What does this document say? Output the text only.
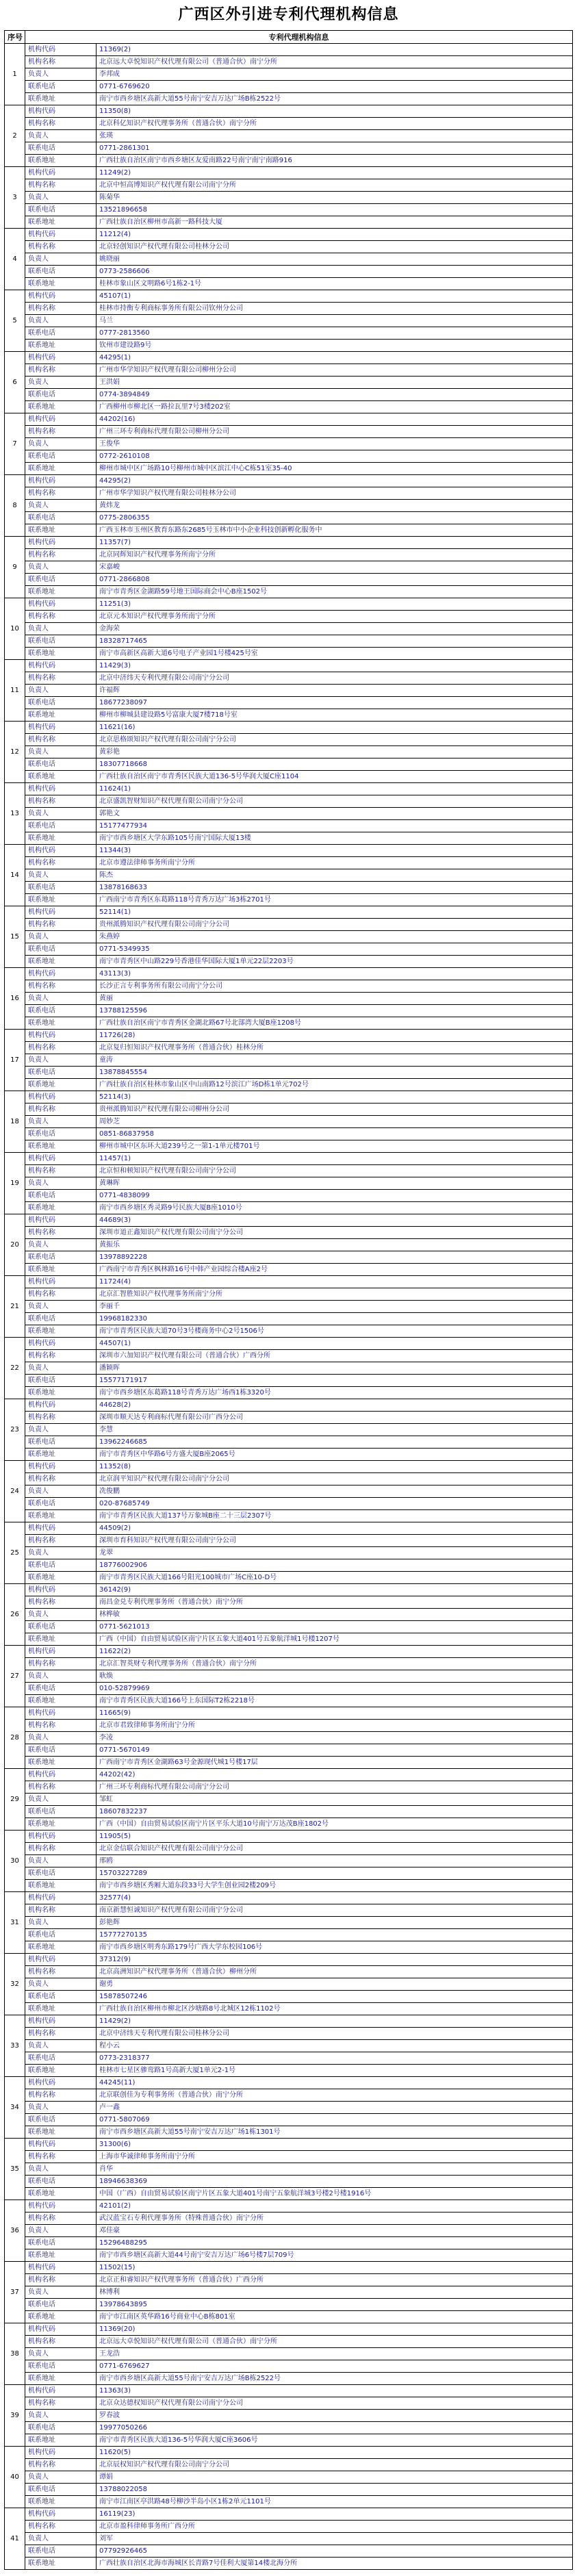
广西区外引进专利代理机构信息
序号	专利代理机构信息	
1	机构代码	11369(2)
	机构名称	北京远大卓悦知识产权代理有限公司（普通合伙）南宁分所
	负责人	李邦成
	联系电话	0771-6769620
	联系地址	南宁市西乡塘区高新大道55号南宁安吉万达广场B栋2522号
2	机构代码	11350(8)
	机构名称	北京科亿知识产权代理事务所（普通合伙）南宁分所
	负责人	张瑛
	联系电话	0771-2861301
	联系地址	广西壮族自治区南宁市西乡塘区友爱南路22号南宁南宁南路916
3	机构代码	11249(2)
	机构名称	北京中恒高博知识产权代理有限公司南宁分所
	负责人	陈菊华
	联系电话	13521896658
	联系地址	广西壮族自治区柳州市高新一路科技大厦
4	机构代码	11212(4)
	机构名称	北京轻创知识产权代理有限公司桂林分公司
	负责人	姚晓丽
	联系电话	0773-2586606
	联系地址	桂林市象山区文明路6号1栋2-1号
5	机构代码	45107(1)
	机构名称	桂林市持衡专利商标事务所有限公司钦州分公司
	负责人	马兰
	联系电话	0777-2813560
	联系地址	钦州市建设路9号
6	机构代码	44295(1)
	机构名称	广州市华学知识产权代理有限公司柳州分公司
	负责人	王洪娟
	联系电话	0774-3894849
	联系地址	广西柳州市柳北区一路拉瓦里7号3楼202室
7	机构代码	44202(16)
	机构名称	广州三环专利商标代理有限公司柳州分公司
	负责人	王俊华
	联系电话	0772-2610108
	联系地址	柳州市城中区广场路10号柳州市城中区滨江中心C栋51室35-40
8	机构代码	44295(2)
	机构名称	广州市华学知识产权代理有限公司桂林分公司
	负责人	黄炜龙
	联系电话	0775-2806355
	联系地址	广西玉林市玉州区教育东路东2685号玉林市中小企业科技创新孵化服务中
9	机构代码	11357(7)
	机构名称	北京同辉知识产权代理事务所南宁分所
	负责人	宋嘉峻
	联系电话	0771-2866808
	联系地址	南宁市青秀区金湖路59号地王国际商会中心B座1502号
10	机构代码	11251(3)
	机构名称	北京元本知识产权代理事务所南宁分所
	负责人	金海荣
	联系电话	18328717465
	联系地址	南宁市高新区高新大道6号电子产业园1号楼425号室
11	机构代码	11429(3)
	机构名称	北京中济纬天专利代理有限公司南宁分公司
	负责人	许福辉
	联系电话	18677238097
	联系地址	柳州市柳城县建设路5号富康大厦7楼718号室
12	机构代码	11621(16)
	机构名称	北京思格颂知识产权代理有限公司南宁分公司
	负责人	黄彩艳
	联系电话	18307718668
	联系地址	广西壮族自治区南宁市青秀区民族大道136-5号华润大厦C座1104
13	机构代码	11624(1)
	机构名称	北京盛凯智财知识产权代理有限公司南宁分公司
	负责人	郭艳文
	联系电话	15177477934
	联系地址	南宁市西乡塘区大学东路105号南宁国际大厦13楼
14	机构代码	11344(3)
	机构名称	北京市遵法律师事务所南宁分所
	负责人	陈杰
	联系电话	13878168633
	联系地址	广西南宁市青秀区东葛路118号青秀万达广场3栋2701号
15	机构代码	52114(1)
	机构名称	贵州派腾知识产权代理有限公司南宁分公司
	负责人	朱燕婷
	联系电话	0771-5349935
	联系地址	南宁市青秀区中山路229号香港佳华国际大厦1单元22层2203号
16	机构代码	43113(3)
	机构名称	长沙正言专利事务所有限公司南宁分公司
	负责人	黄丽
	联系电话	13788125596
	联系地址	广西壮族自治区南宁市青秀区金湖北路67号北部湾大厦B座1208号
17	机构代码	11726(28)
	机构名称	北京复归恒知识产权代理事务所（普通合伙）桂林分所
	负责人	童涛
	联系电话	13878845554
	联系地址	广西壮族自治区桂林市象山区中山南路12号滨江广场D栋1单元702号
18	机构代码	52114(3)
	机构名称	贵州派腾知识产权代理有限公司柳州分公司
	负责人	周妙芝
	联系电话	0851-86837958
	联系地址	柳州市城中区东环大道239号之一第1-1单元楼701号
19	机构代码	11457(1)
	机构名称	北京恒和顿知识产权代理有限公司南宁分公司
	负责人	黄琳晖
	联系电话	0771-4838099
	联系地址	南宁市西乡塘区秀灵路9号民族大厦B座1010号
20	机构代码	44689(3)
	机构名称	深圳市道正鑫知识产权代理有限公司南宁分公司
	负责人	黄振乐
	联系电话	13978892228
	联系地址	广西南宁市青秀区枫林路16号中韩产业园综合楼A座2号
21	机构代码	11724(4)
	机构名称	北京汇智胜知识产权代理事务所南宁分所
	负责人	李丽千
	联系电话	19968182330
	联系地址	南宁市青秀区民族大道70号3号楼商务中心2号1506号
22	机构代码	44507(1)
	机构名称	深圳市六加知识产权代理有限公司（普通合伙）广西分所
	负责人	潘颖晖
	联系电话	15577171917
	联系地址	南宁市西乡塘区东葛路118号青秀万达广场西1栋3320号
23	机构代码	44628(2)
	机构名称	深圳市顺天达专利商标代理有限公司广西分公司
	负责人	李慧
	联系电话	13962246685
	联系地址	南宁市青秀区中华路6号方盛大厦B座2065号
24	机构代码	11352(8)
	机构名称	北京润平知识产权代理有限公司南宁分公司
	负责人	冼俊鹏
	联系电话	020-87685749
	联系地址	南宁市青秀区民族大道137号万象城B座二十三层2307号
25	机构代码	44509(2)
	机构名称	深圳市育科知识产权代理有限公司南宁分公司
	负责人	龙翠
	联系电话	18776002906
	联系地址	南宁市青秀区民族大道166号阳光100城市广场C座10-D号
26	机构代码	36142(9)
	机构名称	南昌金兑专利代理事务所（普通合伙）南宁分所
	负责人	林桦敏
	联系电话	0771-5621013
	联系地址	广西（中国）自由贸易试验区南宁片区五象大道401号五象航洋城1号楼1207号
27	机构代码	11622(2)
	机构名称	北京汇智英财专利代理事务所（普通合伙）南宁分所
	负责人	耿焕
	联系电话	010-52879969
	联系地址	南宁市青秀区民族大道166号上东国际T2栋2218号
28	机构代码	11665(9)
	机构名称	北京市君致律师事务所南宁分所
	负责人	李凌
	联系电话	0771-5670149
	联系地址	广西南宁市青秀区金湖路63号金源现代城1号楼17层
29	机构代码	44202(42)
	机构名称	广州三环专利商标代理有限公司南宁分公司
	负责人	邹虹
	联系电话	18607832237
	联系地址	广西（中国）自由贸易试验区南宁片区平乐大道10号南宁万达茂B座1802号
30	机构代码	11905(5)
	机构名称	北京金信联合知识产权代理有限公司南宁分公司
	负责人	邢鸥
	联系电话	15703227289
	联系地址	南宁市西乡塘区秀厢大道东段33号大学生创业园2楼209号
31	机构代码	32577(4)
	机构名称	南京新慧恒诚知识产权代理有限公司南宁分公司
	负责人	彭艳辉
	联系电话	15777270135
	联系地址	南宁市西乡塘区明秀东路179号广西大学东校园106号
32	机构代码	37312(9)
	机构名称	北京高洲知识产权代理事务所（普通合伙）柳州分所
	负责人	谢勇
	联系电话	15878507246
	联系地址	广西壮族自治区柳州市柳北区沙塘路8号北城区12栋1102号
33	机构代码	11429(2)
	机构名称	北京中济纬天专利代理有限公司桂林分公司
	负责人	程小云
	联系电话	0773-2318377
	联系地址	桂林市七星区骖鸾路1号高新大厦1单元2-1号
34	机构代码	44245(11)
	机构名称	北京联创佳为专利事务所（普通合伙）南宁分所
	负责人	卢一鑫
	联系电话	0771-5807069
	联系地址	南宁市西乡塘区高新大道55号南宁安吉万达广场1栋1301号
35	机构代码	31300(6)
	机构名称	上海市华诚律师事务所南宁分所
	负责人	肖华
	联系电话	18946638369
	联系地址	中国（广西）自由贸易试验区南宁片区五象大道401号南宁五象航洋城3号楼2号楼1916号
36	机构代码	42101(2)
	机构名称	武汉蓝宝石专利代理事务所（特殊普通合伙）南宁分所
	负责人	邓佳豪
	联系电话	15296488295
	联系地址	南宁市西乡塘区高新大道44号南宁安吉万达广场6号楼7层709号
37	机构代码	11502(15)
	机构名称	北京正和睿知识产权代理事务所（普通合伙）广西分所
	负责人	林博利
	联系电话	13978643895
	联系地址	南宁市江南区英华路16号商业中心B栋801室
38	机构代码	11369(20)
	机构名称	北京远大卓悦知识产权代理有限公司（普通合伙）南宁分所
	负责人	王龙浩
	联系电话	0771-6769627
	联系地址	南宁市西乡塘区高新大道55号南宁安吉万达广场B栋2522号
39	机构代码	11363(3)
	机构名称	北京众达德权知识产权代理有限公司南宁分公司
	负责人	罗春波
	联系电话	19977050266
	联系地址	南宁市青秀区民族大道136-5号华润大厦C座3606号
40	机构代码	11620(5)
	机构名称	北京辰权知识产权代理有限公司南宁分公司
	负责人	谭娟
	联系电话	13788022058
	联系地址	南宁市江南区亭洪路48号柳沙半岛小区1栋2单元1101号
41	机构代码	16119(23)
	机构名称	北京市盈科律师事务所广西分所
	负责人	刘军
	联系电话	07792926465
	联系地址	广西壮族自治区北海市海城区长青路7号佳利大厦第14楼北海分所
